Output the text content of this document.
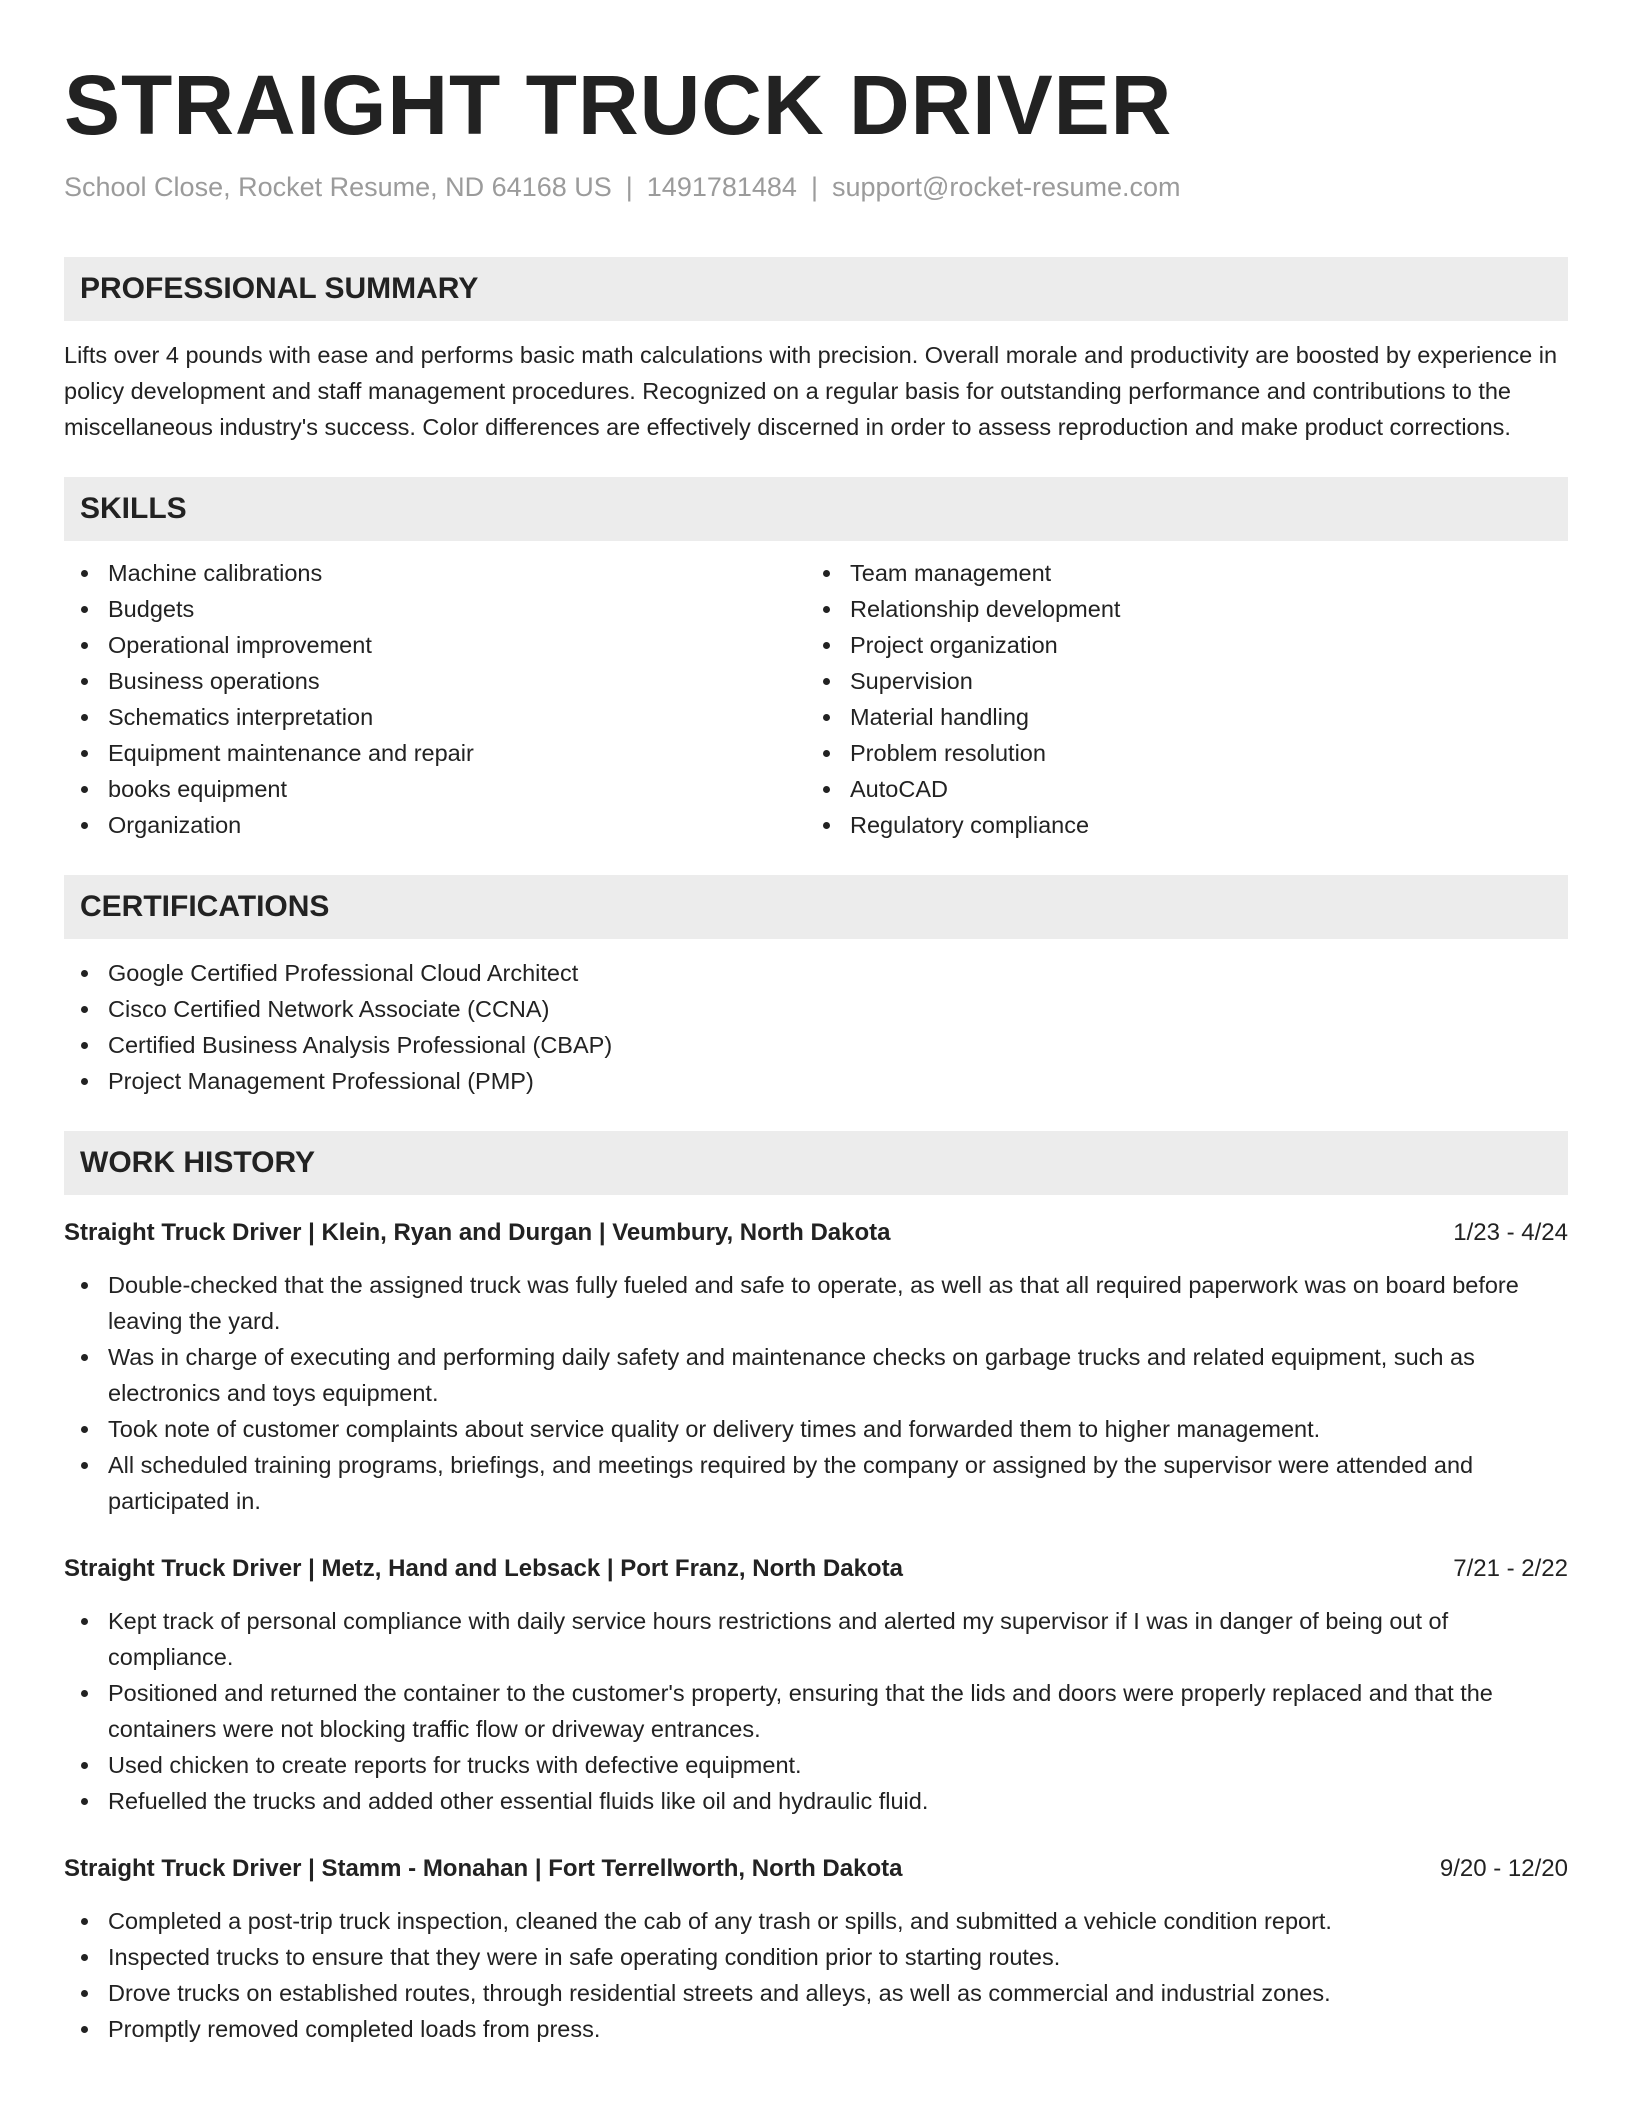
STRAIGHT TRUCK DRIVER
School Close, Rocket Resume, ND 64168 US | 1491781484 | support@rocket-resume.com
PROFESSIONAL SUMMARY

Lifts over 4 pounds with ease and performs basic math calculations with precision. Overall morale and productivity are boosted by experience in policy development and staff management procedures. Recognized on a regular basis for outstanding performance and contributions to the miscellaneous industry's success. Color differences are effectively discerned in order to assess reproduction and make product corrections.

SKILLS
Machine calibrations
Budgets
Operational improvement
Business operations
Schematics interpretation
Equipment maintenance and repair
books equipment
Organization
Team management
Relationship development
Project organization
Supervision
Material handling
Problem resolution
AutoCAD
Regulatory compliance
CERTIFICATIONS
Google Certified Professional Cloud Architect
Cisco Certified Network Associate (CCNA)
Certified Business Analysis Professional (CBAP)
Project Management Professional (PMP)
WORK HISTORY
Straight Truck Driver | Klein, Ryan and Durgan | Veumbury, North Dakota	1/23 - 4/24
Double-checked that the assigned truck was fully fueled and safe to operate, as well as that all required paperwork was on board before leaving the yard.
Was in charge of executing and performing daily safety and maintenance checks on garbage trucks and related equipment, such as electronics and toys equipment.
Took note of customer complaints about service quality or delivery times and forwarded them to higher management.
All scheduled training programs, briefings, and meetings required by the company or assigned by the supervisor were attended and participated in.
Straight Truck Driver | Metz, Hand and Lebsack | Port Franz, North Dakota	7/21 - 2/22
Kept track of personal compliance with daily service hours restrictions and alerted my supervisor if I was in danger of being out of compliance.
Positioned and returned the container to the customer's property, ensuring that the lids and doors were properly replaced and that the containers were not blocking traffic flow or driveway entrances.
Used chicken to create reports for trucks with defective equipment.
Refuelled the trucks and added other essential fluids like oil and hydraulic fluid.
Straight Truck Driver | Stamm - Monahan | Fort Terrellworth, North Dakota	9/20 - 12/20
Completed a post-trip truck inspection, cleaned the cab of any trash or spills, and submitted a vehicle condition report.
Inspected trucks to ensure that they were in safe operating condition prior to starting routes.
Drove trucks on established routes, through residential streets and alleys, as well as commercial and industrial zones.
Promptly removed completed loads from press.
